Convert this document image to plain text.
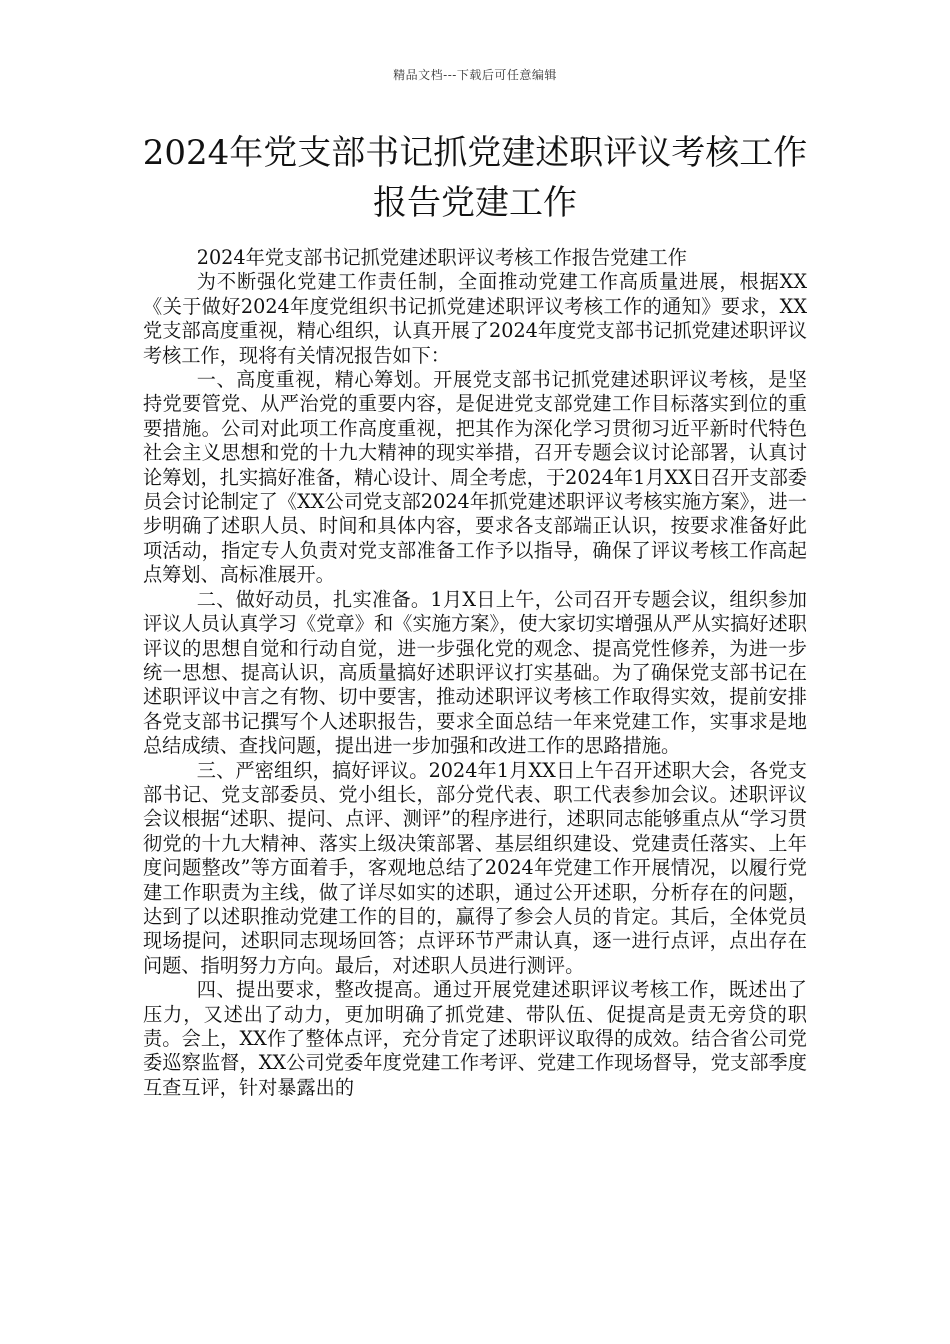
精品文档---下载后可任意编辑
2024年党支部书记抓党建述职评议考核工作报告党建工作

2024年党支部书记抓党建述职评议考核工作报告党建工作

为不断强化党建工作责任制，全面推动党建工作高质量进展，根据XX《关于做好2024年度党组织书记抓党建述职评议考核工作的通知》要求，XX党支部高度重视，精心组织，认真开展了2024年度党支部书记抓党建述职评议考核工作，现将有关情况报告如下：

一、高度重视，精心筹划。开展党支部书记抓党建述职评议考核，是坚持党要管党、从严治党的重要内容，是促进党支部党建工作目标落实到位的重要措施。公司对此项工作高度重视，把其作为深化学习贯彻习近平新时代特色社会主义思想和党的十九大精神的现实举措，召开专题会议讨论部署，认真讨论筹划，扎实搞好准备，精心设计、周全考虑，于2024年1月XX日召开支部委员会讨论制定了《XX公司党支部2024年抓党建述职评议考核实施方案》，进一步明确了述职人员、时间和具体内容，要求各支部端正认识，按要求准备好此项活动，指定专人负责对党支部准备工作予以指导，确保了评议考核工作高起点筹划、高标准展开。

二、做好动员，扎实准备。1月X日上午，公司召开专题会议，组织参加评议人员认真学习《党章》和《实施方案》，使大家切实增强从严从实搞好述职评议的思想自觉和行动自觉，进一步强化党的观念、提高党性修养，为进一步统一思想、提高认识，高质量搞好述职评议打实基础。为了确保党支部书记在述职评议中言之有物、切中要害，推动述职评议考核工作取得实效，提前安排各党支部书记撰写个人述职报告，要求全面总结一年来党建工作，实事求是地总结成绩、查找问题，提出进一步加强和改进工作的思路措施。

三、严密组织，搞好评议。2024年1月XX日上午召开述职大会，各党支部书记、党支部委员、党小组长，部分党代表、职工代表参加会议。述职评议会议根据“述职、提问、点评、测评”的程序进行，述职同志能够重点从“学习贯彻党的十九大精神、落实上级决策部署、基层组织建设、党建责任落实、上年度问题整改”等方面着手，客观地总结了2024年党建工作开展情况，以履行党建工作职责为主线，做了详尽如实的述职，通过公开述职，分析存在的问题，达到了以述职推动党建工作的目的，赢得了参会人员的肯定。其后，全体党员现场提问，述职同志现场回答；点评环节严肃认真，逐一进行点评，点出存在问题、指明努力方向。最后，对述职人员进行测评。

四、提出要求，整改提高。通过开展党建述职评议考核工作，既述出了压力，又述出了动力，更加明确了抓党建、带队伍、促提高是责无旁贷的职责。会上，XX作了整体点评，充分肯定了述职评议取得的成效。结合省公司党委巡察监督，XX公司党委年度党建工作考评、党建工作现场督导，党支部季度互查互评，针对暴露出的
